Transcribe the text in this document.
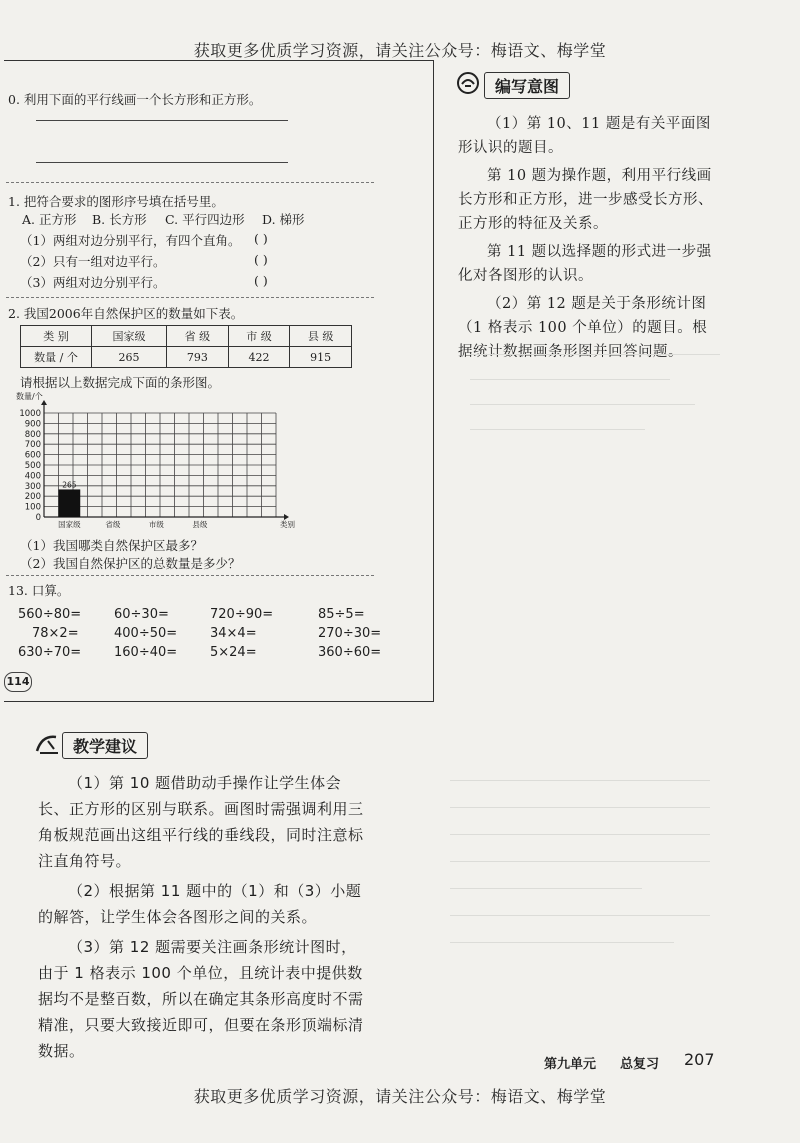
获取更多优质学习资源，请关注公众号：梅语文、梅学堂
0. 利用下面的平行线画一个长方形和正方形。
1. 把符合要求的图形序号填在括号里。
A. 正方形 B. 长方形 C. 平行四边形 D. 梯形
（1）两组对边分别平行，有四个直角。 ( )
（2）只有一组对边平行。	( )
（3）两组对边分别平行。	( )
2. 我国2006年自然保护区的数量如下表。
类 别	国家级	省 级	市 级	县 级
数量 / 个	265	793	422	915
请根据以上数据完成下面的条形图。
1000
900
800
700
600
500
400
300
200
100
0
数量/个
国家级
265
省级	市级	县级	类别
（1）我国哪类自然保护区最多？
（2）我国自然保护区的总数量是多少？
13. 口算。
560÷80=	60÷30=	720÷90=	85÷5=
78×2=	400÷50=	34×4=	270÷30=
630÷70=	160÷40=	5×24=	360÷60=
114
编写意图

（1）第 10、11 题是有关平面图形认识的题目。

第 10 题为操作题，利用平行线画长方形和正方形，进一步感受长方形、正方形的特征及关系。

第 11 题以选择题的形式进一步强化对各图形的认识。

（2）第 12 题是关于条形统计图（1 格表示 100 个单位）的题目。根据统计数据画条形图并回答问题。

教学建议

（1）第 10 题借助动手操作让学生体会长、正方形的区别与联系。画图时需强调利用三角板规范画出这组平行线的垂线段，同时注意标注直角符号。

（2）根据第 11 题中的（1）和（3）小题的解答，让学生体会各图形之间的关系。

（3）第 12 题需要关注画条形统计图时，由于 1 格表示 100 个单位，且统计表中提供数据均不是整百数，所以在确定其条形高度时不需精准，只要大致接近即可，但要在条形顶端标清数据。

第九单元 总复习 207
获取更多优质学习资源，请关注公众号：梅语文、梅学堂
